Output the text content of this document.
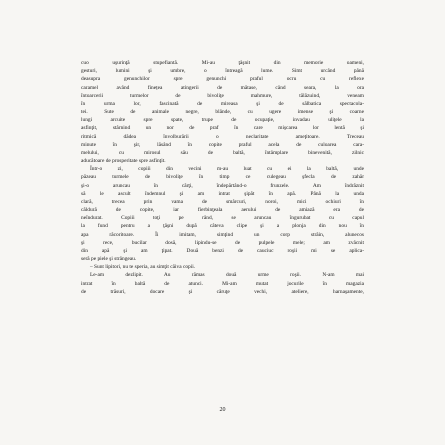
cuo uşurinţă stupefiantă. Mi-au ţâşnit din memorie oameni,
gesturi, lumini şi umbre, o întreagă lume. Simt urcând până
deasupra genunchilor spre genunchi praful ocru cu reflexe
caramel având finețea atingerii de mătase, când seara, la ora
întoarcerii turmelor de bivoliţe mahmure, tălăzuind, veneam
în urma lor, fascinată de mireasa şi de sălbatica spectacola-
tei. Sute de animale negre, blânde, cu ugere imense şi coarne
lungi arcuite spre spate, trupe de ocupaţie, invadau uliţele la
asfinţit, stârnind un nor de praf în care mişcarea lor lentă şi
ritmică dădea învolburării o neclaritate ameţitoare. Treceau
minute în şir, lăsând în copite praful acela de culoarea cara-
melului, cu mirosul său de baltă, întâmplare binevenită, zilnic
aducătoare de prosperitate spre asfinţit.
Într-o zi, copiii din vecini m-au luat cu ei la baltă, unde
păzeau turmele de bivoliţe în timp ce culegeau şfecla de zahăr
şi-o aruncau în cărţi, îndepărtând-o frunzele. Am îndrăznit
să le ascult îndemnul şi am intrat şipăt în apă. Până la unda
clară, trecea prin vama de smârcuri, noroi, mici ochiuri în
căldură de copite, iar fierbinţeala aerului de amiază era de
neîndurat. Copiii toţi pe rând, se aruncau îngurubat cu capul
la fund pentru a ţâşni după câteva clipe şi a plonja din nou în
apa răcoritoare. Îi imitam, simţind un corp străin, alunecos
şi rece, bucilar dosă, lipindu-se de pulpele mele; am zvâcnit
din apă şi am ţipat. Două benzi de cauciuc roşii mi se aplica-
seră pe piele şi strângeau.
– Sunt lipitori, nu te speria, au simţit căiva copii.
Le-am dezlipit. Au rămas două urme roşii. N-am mai
intrat în baltă de atunci. Mi-am mutat jocurile în magazia
de trăsuri, docare şi căruţe vechi, ateliere, harnaşamente,
20
